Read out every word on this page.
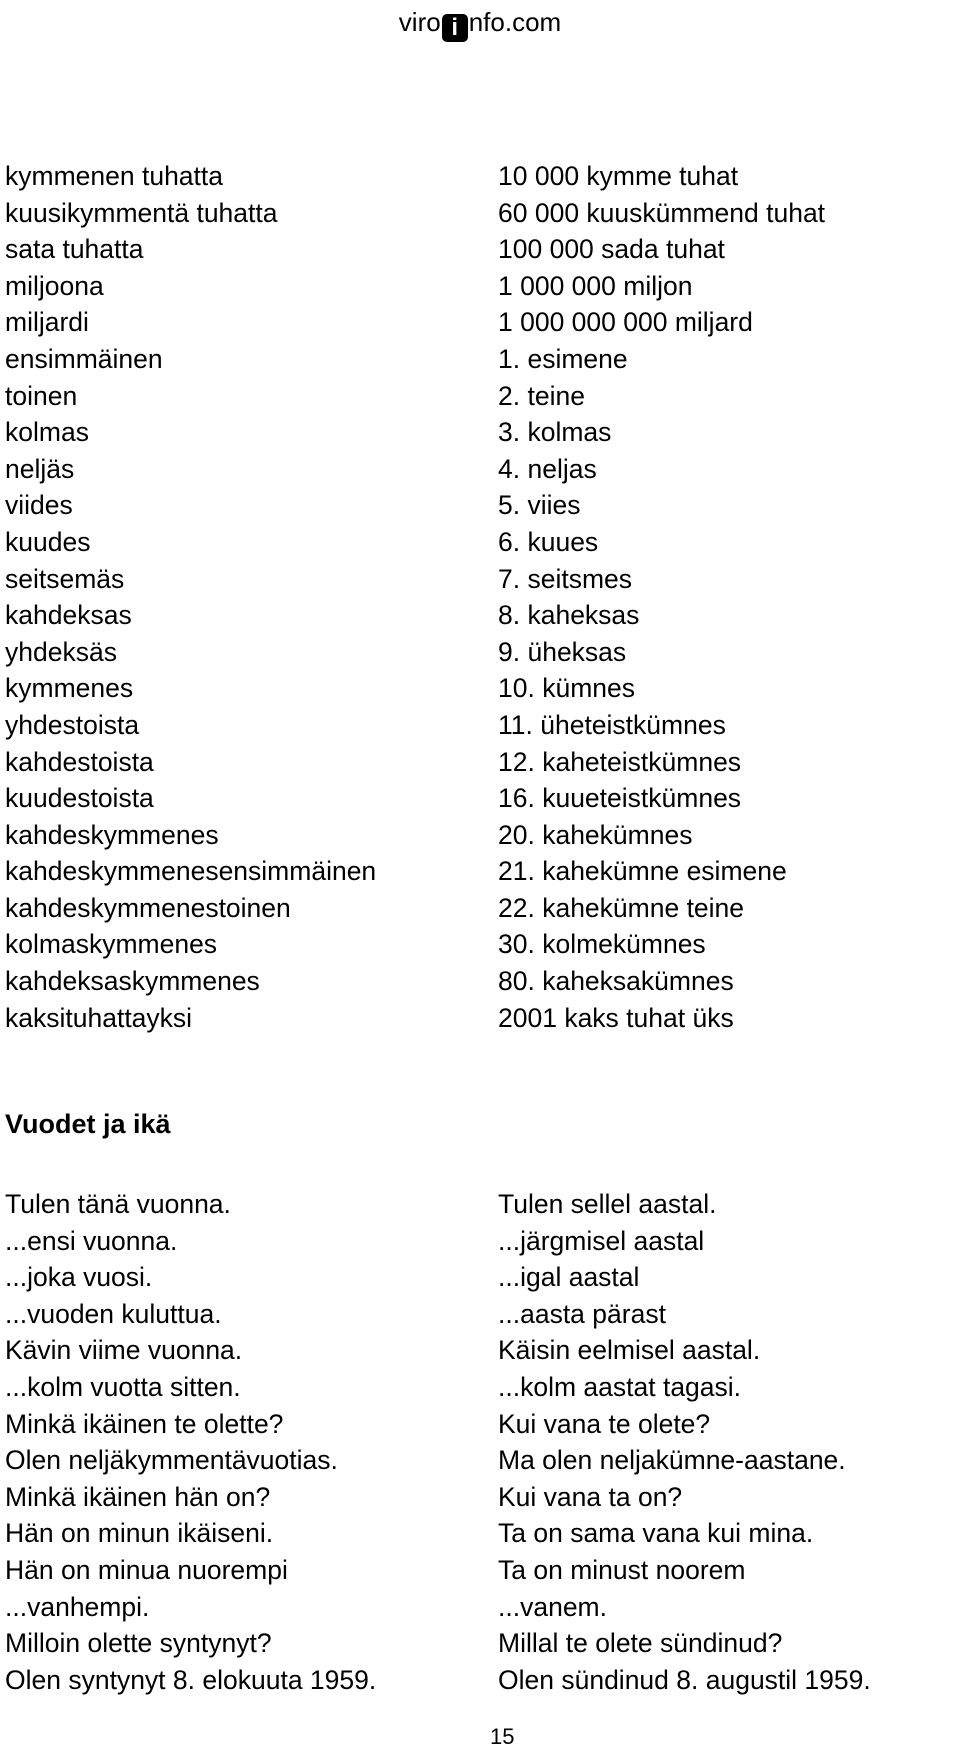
viro i nfo.com
kymmenen tuhatta
kuusikymmentä tuhatta
sata tuhatta
miljoona
miljardi
ensimmäinen
toinen
kolmas
neljäs
viides
kuudes
seitsemäs
kahdeksas
yhdeksäs
kymmenes
yhdestoista
kahdestoista
kuudestoista
kahdeskymmenes
kahdeskymmenesensimmäinen
kahdeskymmenestoinen
kolmaskymmenes
kahdeksaskymmenes
kaksituhattayksi
10 000 kymme tuhat
60 000 kuuskümmend tuhat
100 000 sada tuhat
1 000 000 miljon
1 000 000 000 miljard
1. esimene
2. teine
3. kolmas
4. neljas
5. viies
6. kuues
7. seitsmes
8. kaheksas
9. üheksas
10. kümnes
11. üheteistkümnes
12. kaheteistkümnes
16. kuueteistkümnes
20. kahekümnes
21. kahekümne esimene
22. kahekümne teine
30. kolmekümnes
80. kaheksakümnes
2001 kaks tuhat üks
Vuodet ja ikä
Tulen tänä vuonna.
...ensi vuonna.
...joka vuosi.
...vuoden kuluttua.
Kävin viime vuonna.
...kolm vuotta sitten.
Minkä ikäinen te olette?
Olen neljäkymmentävuotias.
Minkä ikäinen hän on?
Hän on minun ikäiseni.
Hän on minua nuorempi
...vanhempi.
Milloin olette syntynyt?
Olen syntynyt 8. elokuuta 1959.
Tulen sellel aastal.
...järgmisel aastal
...igal aastal
...aasta pärast
Käisin eelmisel aastal.
...kolm aastat tagasi.
Kui vana te olete?
Ma olen neljakümne-aastane.
Kui vana ta on?
Ta on sama vana kui mina.
Ta on minust noorem
...vanem.
Millal te olete sündinud?
Olen sündinud 8. augustil 1959.
15
